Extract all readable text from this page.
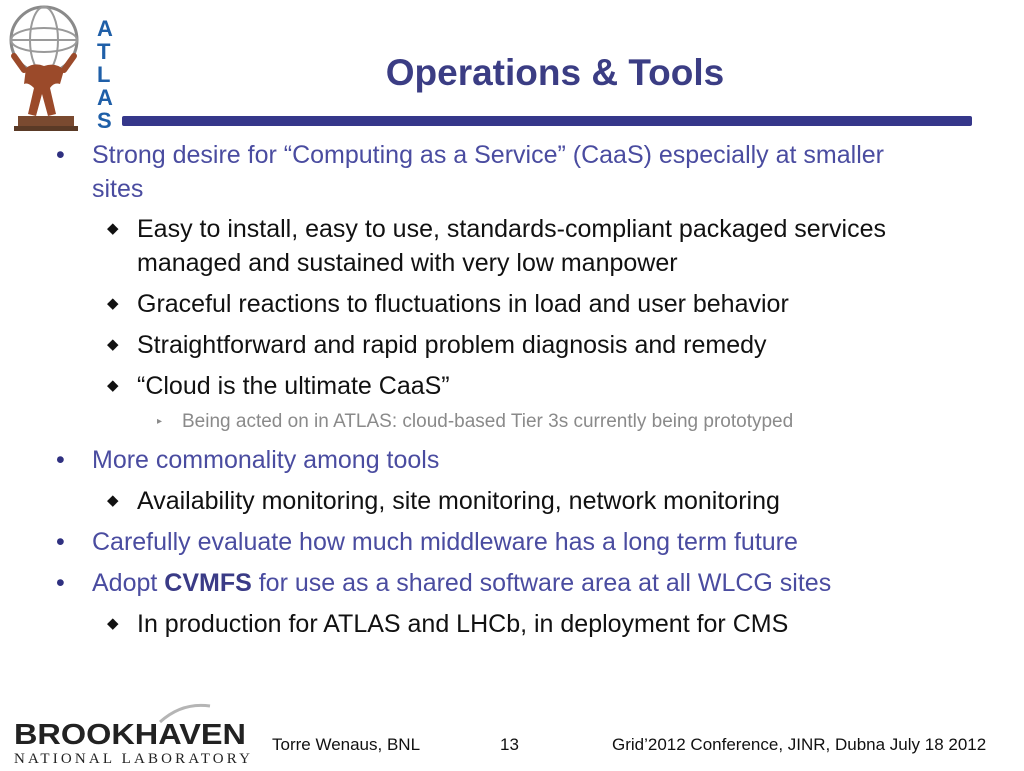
A
T
L
A
S
Operations & Tools
• Strong desire for “Computing as a Service” (CaaS) especially at smaller sites
◆ Easy to install, easy to use, standards-compliant packaged services managed and sustained with very low manpower
◆ Graceful reactions to fluctuations in load and user behavior
◆ Straightforward and rapid problem diagnosis and remedy
◆ “Cloud is the ultimate CaaS”
▸ Being acted on in ATLAS: cloud-based Tier 3s currently being prototyped
• More commonality among tools
◆ Availability monitoring, site monitoring, network monitoring
• Carefully evaluate how much middleware has a long term future
• Adopt CVMFS for use as a shared software area at all WLCG sites
◆ In production for ATLAS and LHCb, in deployment for CMS
BROOKHAVEN
NATIONAL LABORATORY
Torre Wenaus, BNL	13	Grid’2012 Conference, JINR, Dubna July 18 2012
